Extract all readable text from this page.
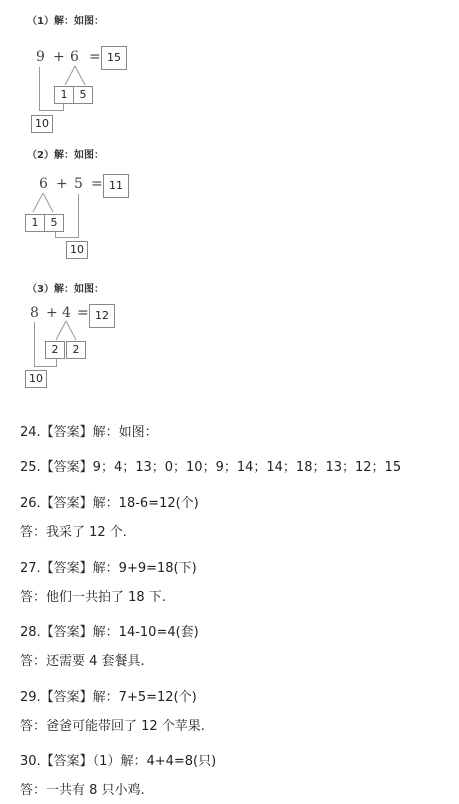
（1）解：如图：
9 + 6 = 15
1	5
10
（2）解：如图：
6 + 5 = 11
1	5
10
（3）解：如图：
8 + 4 = 12
2	2
10
24.【答案】解：如图：
25.【答案】9；4；13；0；10；9；14；14；18；13；12；15
26.【答案】解：18-6=12(个)
答：我采了 12 个.
27.【答案】解：9+9=18(下)
答：他们一共拍了 18 下.
28.【答案】解：14-10=4(套)
答：还需要 4 套餐具.
29.【答案】解：7+5=12(个)
答：爸爸可能带回了 12 个苹果.
30.【答案】（1）解：4+4=8(只)
答：一共有 8 只小鸡.
